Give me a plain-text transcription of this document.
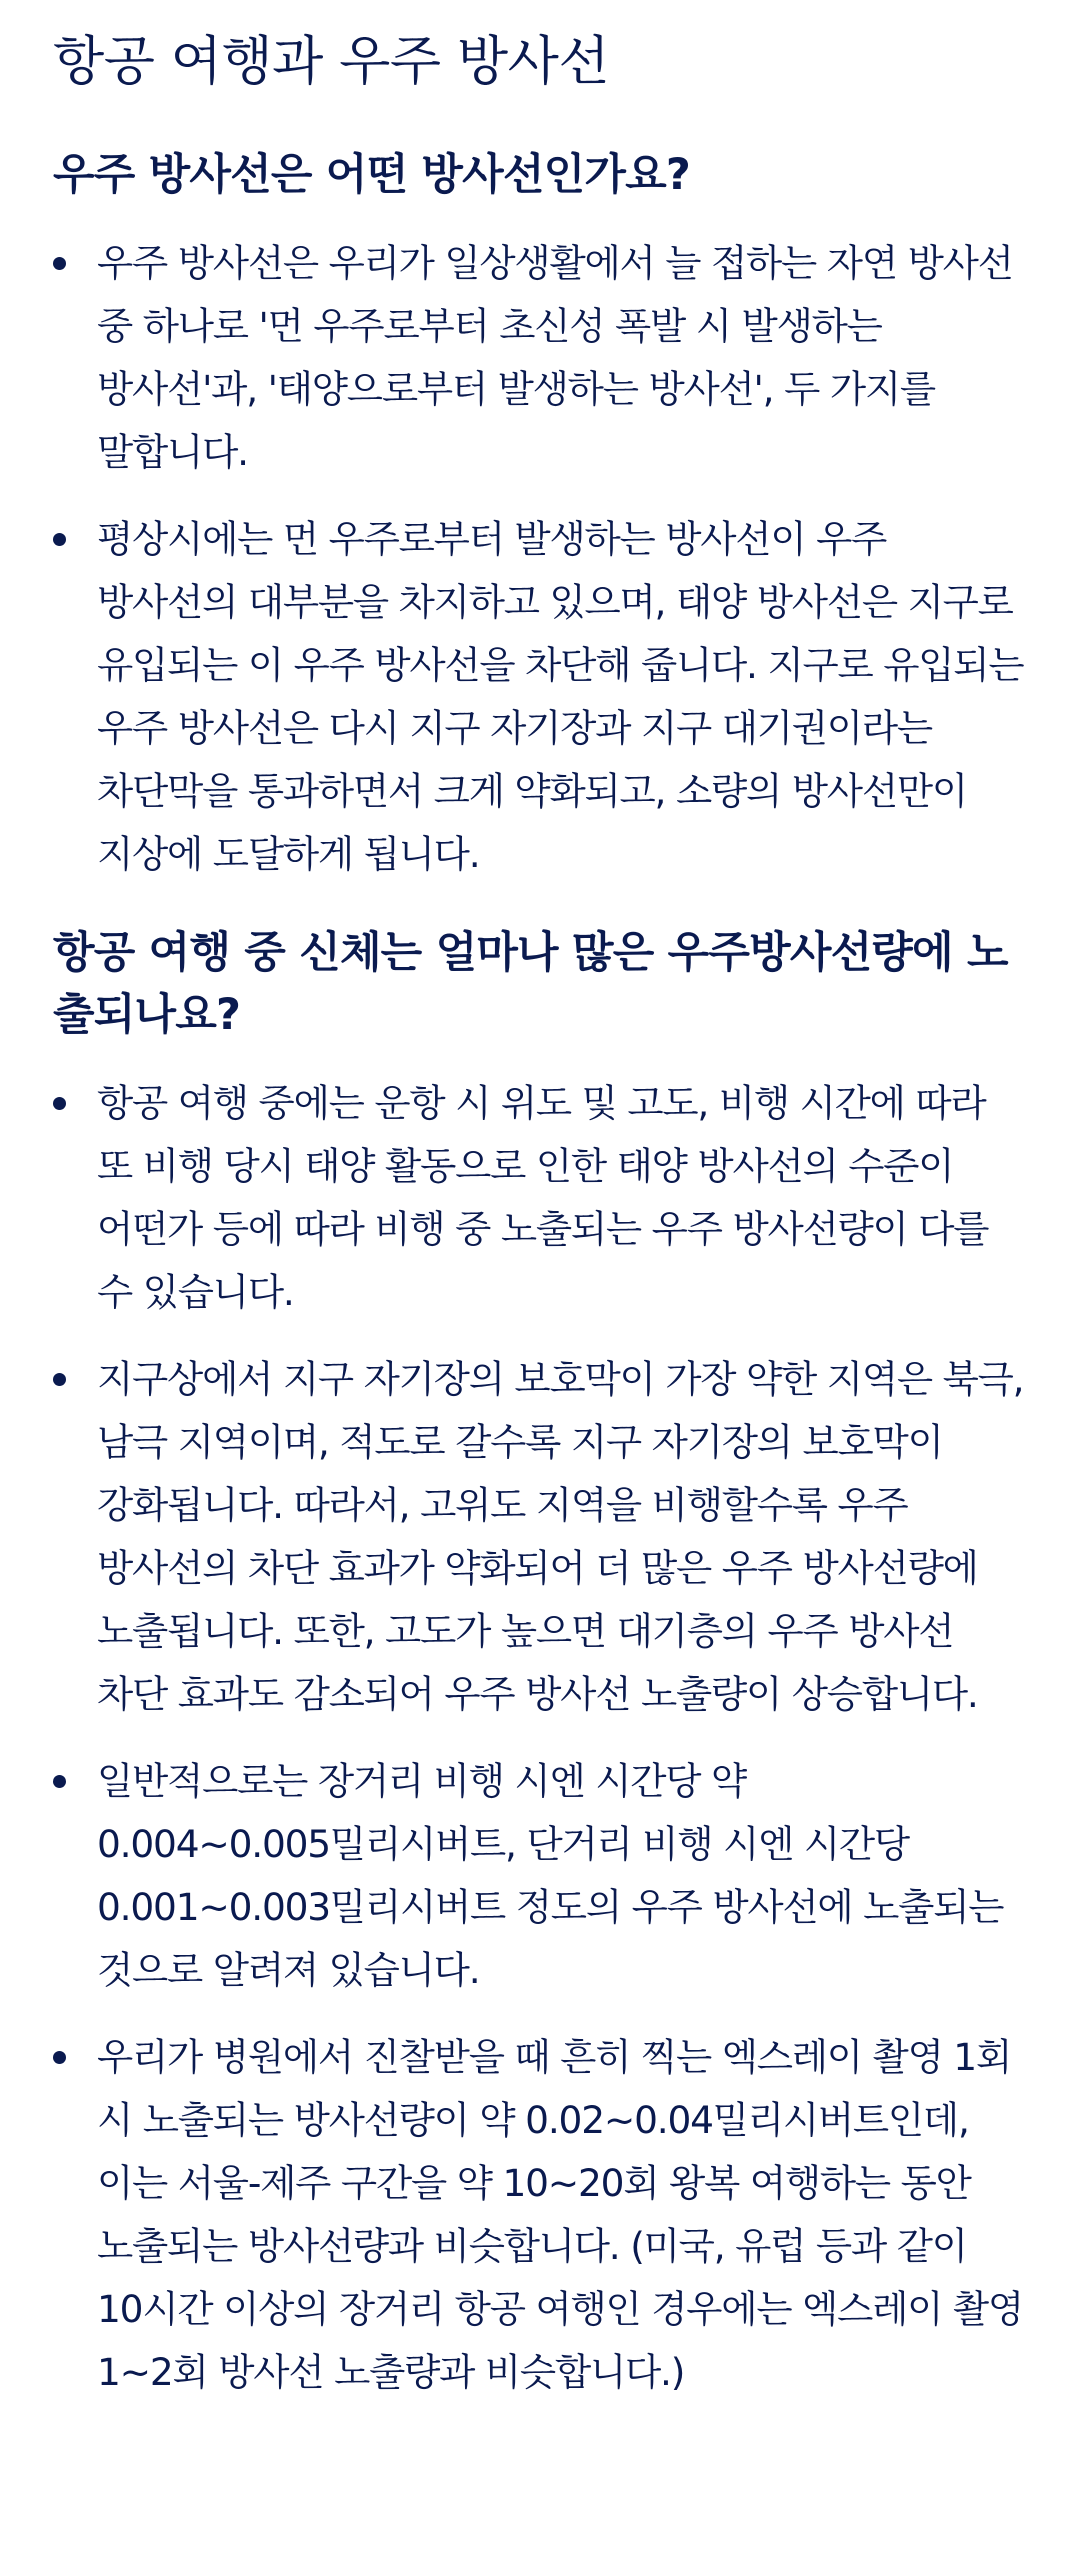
항공 여행과 우주 방사선
우주 방사선은 어떤 방사선인가요?
우주 방사선은 우리가 일상생활에서 늘 접하는 자연 방사선 중 하나로 '먼 우주로부터 초신성 폭발 시 발생하는 방사선'과, '태양으로부터 발생하는 방사선', 두 가지를 말합니다.
평상시에는 먼 우주로부터 발생하는 방사선이 우주 방사선의 대부분을 차지하고 있으며, 태양 방사선은 지구로 유입되는 이 우주 방사선을 차단해 줍니다. 지구로 유입되는 우주 방사선은 다시 지구 자기장과 지구 대기권이라는 차단막을 통과하면서 크게 약화되고, 소량의 방사선만이 지상에 도달하게 됩니다.
항공 여행 중 신체는 얼마나 많은 우주방사선량에 노출되나요?
항공 여행 중에는 운항 시 위도 및 고도, 비행 시간에 따라 또 비행 당시 태양 활동으로 인한 태양 방사선의 수준이 어떤가 등에 따라 비행 중 노출되는 우주 방사선량이 다를 수 있습니다.
지구상에서 지구 자기장의 보호막이 가장 약한 지역은 북극, 남극 지역이며, 적도로 갈수록 지구 자기장의 보호막이 강화됩니다. 따라서, 고위도 지역을 비행할수록 우주 방사선의 차단 효과가 약화되어 더 많은 우주 방사선량에 노출됩니다. 또한, 고도가 높으면 대기층의 우주 방사선 차단 효과도 감소되어 우주 방사선 노출량이 상승합니다.
일반적으로는 장거리 비행 시엔 시간당 약 0.004~0.005밀리시버트, 단거리 비행 시엔 시간당 0.001~0.003밀리시버트 정도의 우주 방사선에 노출되는 것으로 알려져 있습니다.
우리가 병원에서 진찰받을 때 흔히 찍는 엑스레이 촬영 1회 시 노출되는 방사선량이 약 0.02~0.04밀리시버트인데, 이는 서울-제주 구간을 약 10~20회 왕복 여행하는 동안 노출되는 방사선량과 비슷합니다. (미국, 유럽 등과 같이 10시간 이상의 장거리 항공 여행인 경우에는 엑스레이 촬영 1~2회 방사선 노출량과 비슷합니다.)
